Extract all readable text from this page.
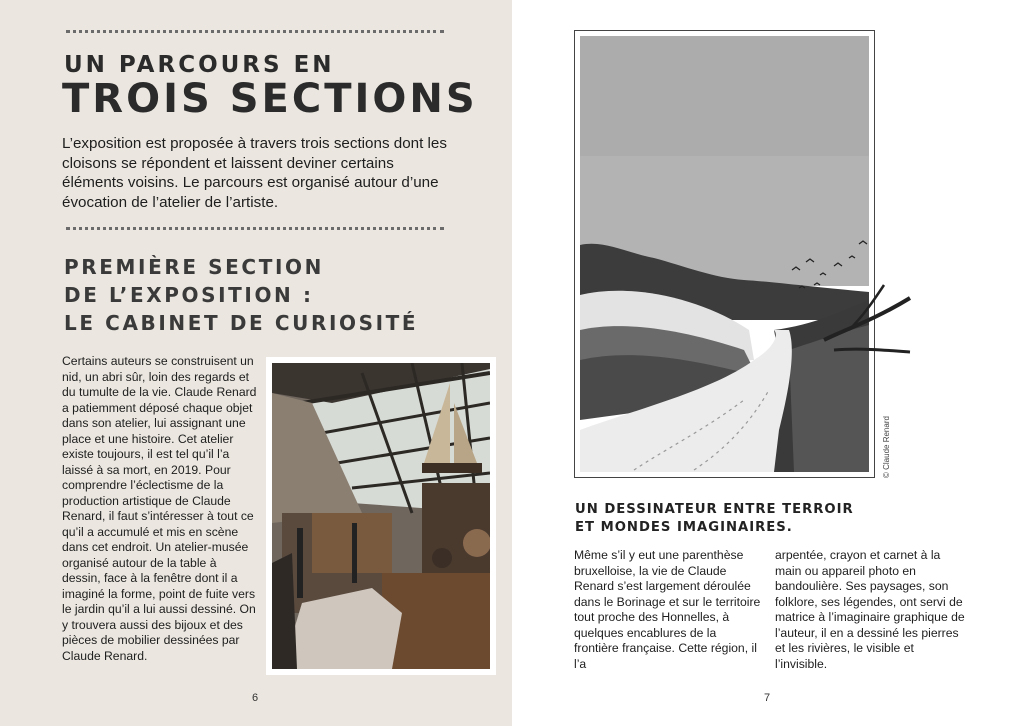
UN PARCOURS EN
TROIS SECTIONS

L’exposition est proposée à travers trois sections dont les cloisons se répondent et laissent deviner certains éléments voisins. Le parcours est organisé autour d’une évocation de l’atelier de l’artiste.

PREMIÈRE SECTION
DE L’EXPOSITION :
LE CABINET DE CURIOSITÉ

Certains auteurs se construisent un nid, un abri sûr, loin des regards et du tumulte de la vie. Claude Renard a patiemment déposé chaque objet dans son atelier, lui assignant une place et une histoire. Cet atelier existe toujours, il est tel qu’il l’a laissé à sa mort, en 2019. Pour comprendre l’éclectisme de la production artistique de Claude Renard, il faut s’intéresser à tout ce qu’il a accumulé et mis en scène dans cet endroit. Un atelier-musée organisé autour de la table à dessin, face à la fenêtre dont il a imaginé la forme, point de fuite vers le jardin qu’il a lui aussi dessiné. On y trouvera aussi des bijoux et des pièces de mobilier dessinées par Claude Renard.

6
© Claude Renard
UN DESSINATEUR ENTRE TERROIR
ET MONDES IMAGINAIRES.

Même s’il y eut une parenthèse bruxelloise, la vie de Claude Renard s’est largement déroulée dans le Borinage et sur le territoire tout proche des Honnelles, à quelques encablures de la frontière française. Cette région, il l’a

arpentée, crayon et carnet à la main ou appareil photo en bandoulière. Ses paysages, son folklore, ses légendes, ont servi de matrice à l’imaginaire graphique de l’auteur, il en a dessiné les pierres et les rivières, le visible et l’invisible.

7
